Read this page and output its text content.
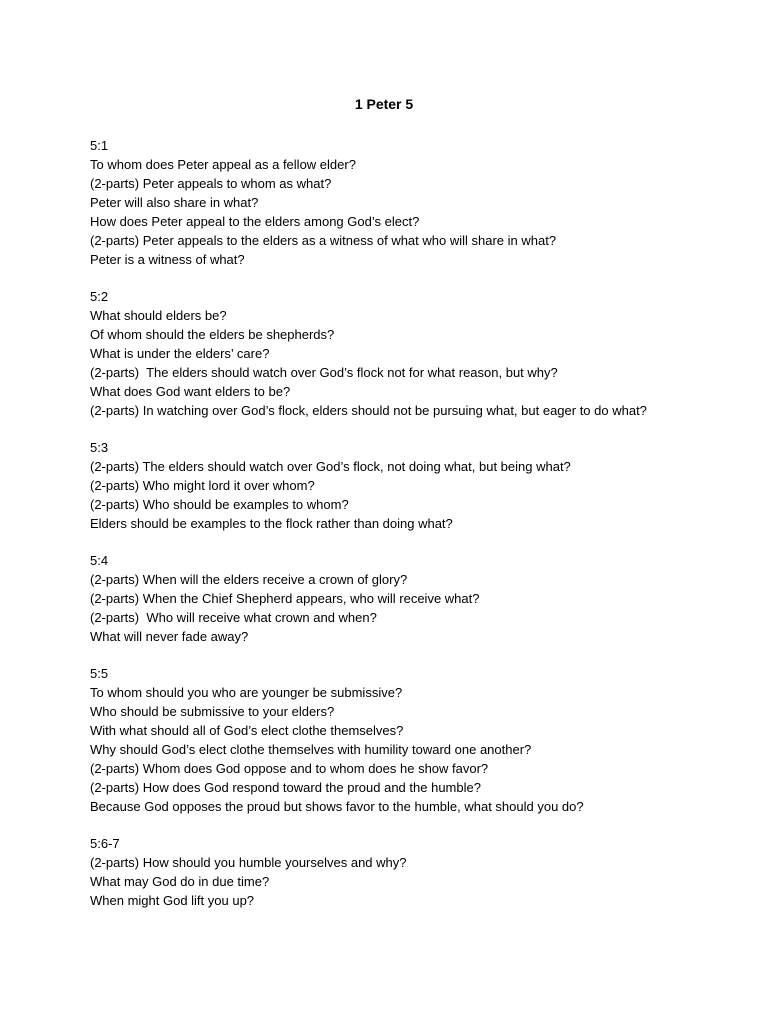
1 Peter 5
5:1
To whom does Peter appeal as a fellow elder?
(2-parts) Peter appeals to whom as what?
Peter will also share in what?
How does Peter appeal to the elders among God’s elect?
(2-parts) Peter appeals to the elders as a witness of what who will share in what?
Peter is a witness of what?
5:2
What should elders be?
Of whom should the elders be shepherds?
What is under the elders’ care?
(2-parts)  The elders should watch over God’s flock not for what reason, but why?
What does God want elders to be?
(2-parts) In watching over God’s flock, elders should not be pursuing what, but eager to do what?
5:3
(2-parts) The elders should watch over God’s flock, not doing what, but being what?
(2-parts) Who might lord it over whom?
(2-parts) Who should be examples to whom?
Elders should be examples to the flock rather than doing what?
5:4
(2-parts) When will the elders receive a crown of glory?
(2-parts) When the Chief Shepherd appears, who will receive what?
(2-parts)  Who will receive what crown and when?
What will never fade away?
5:5
To whom should you who are younger be submissive?
Who should be submissive to your elders?
With what should all of God’s elect clothe themselves?
Why should God’s elect clothe themselves with humility toward one another?
(2-parts) Whom does God oppose and to whom does he show favor?
(2-parts) How does God respond toward the proud and the humble?
Because God opposes the proud but shows favor to the humble, what should you do?
5:6-7
(2-parts) How should you humble yourselves and why?
What may God do in due time?
When might God lift you up?
